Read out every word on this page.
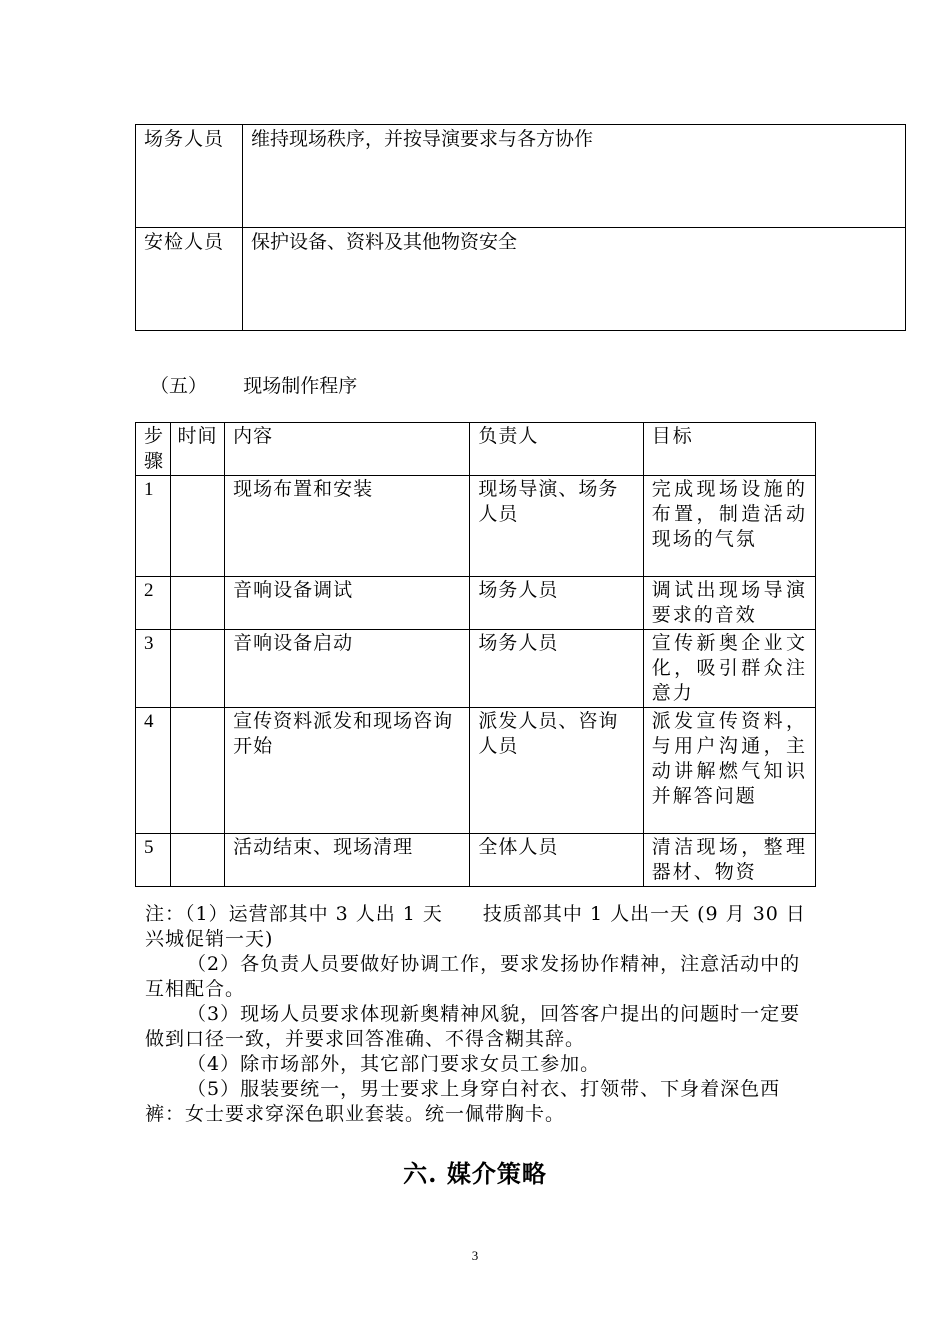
场务人员	维持现场秩序，并按导演要求与各方协作
安检人员	保护设备、资料及其他物资安全
（五） 现场制作程序
步骤	时间	内容	负责人	目标
1		现场布置和安装	现场导演、场务人员	完成现场设施的布置，制造活动现场的气氛
2		音响设备调试	场务人员	调试出现场导演要求的音效
3		音响设备启动	场务人员	宣传新奥企业文化，吸引群众注意力
4		宣传资料派发和现场咨询开始	派发人员、咨询人员	派发宣传资料，与用户沟通，主动讲解燃气知识并解答问题
5		活动结束、现场清理	全体人员	清洁现场，整理器材、物资

注：（1）运营部其中 3 人出 1 天　　技质部其中 1 人出一天 (9 月 30 日兴城促销一天)

（2）各负责人员要做好协调工作，要求发扬协作精神，注意活动中的互相配合。

（3）现场人员要求体现新奥精神风貌，回答客户提出的问题时一定要做到口径一致，并要求回答准确、不得含糊其辞。

（4）除市场部外，其它部门要求女员工参加。

（5）服装要统一，男士要求上身穿白衬衣、打领带、下身着深色西裤：女士要求穿深色职业套装。统一佩带胸卡。

六. 媒介策略
3
